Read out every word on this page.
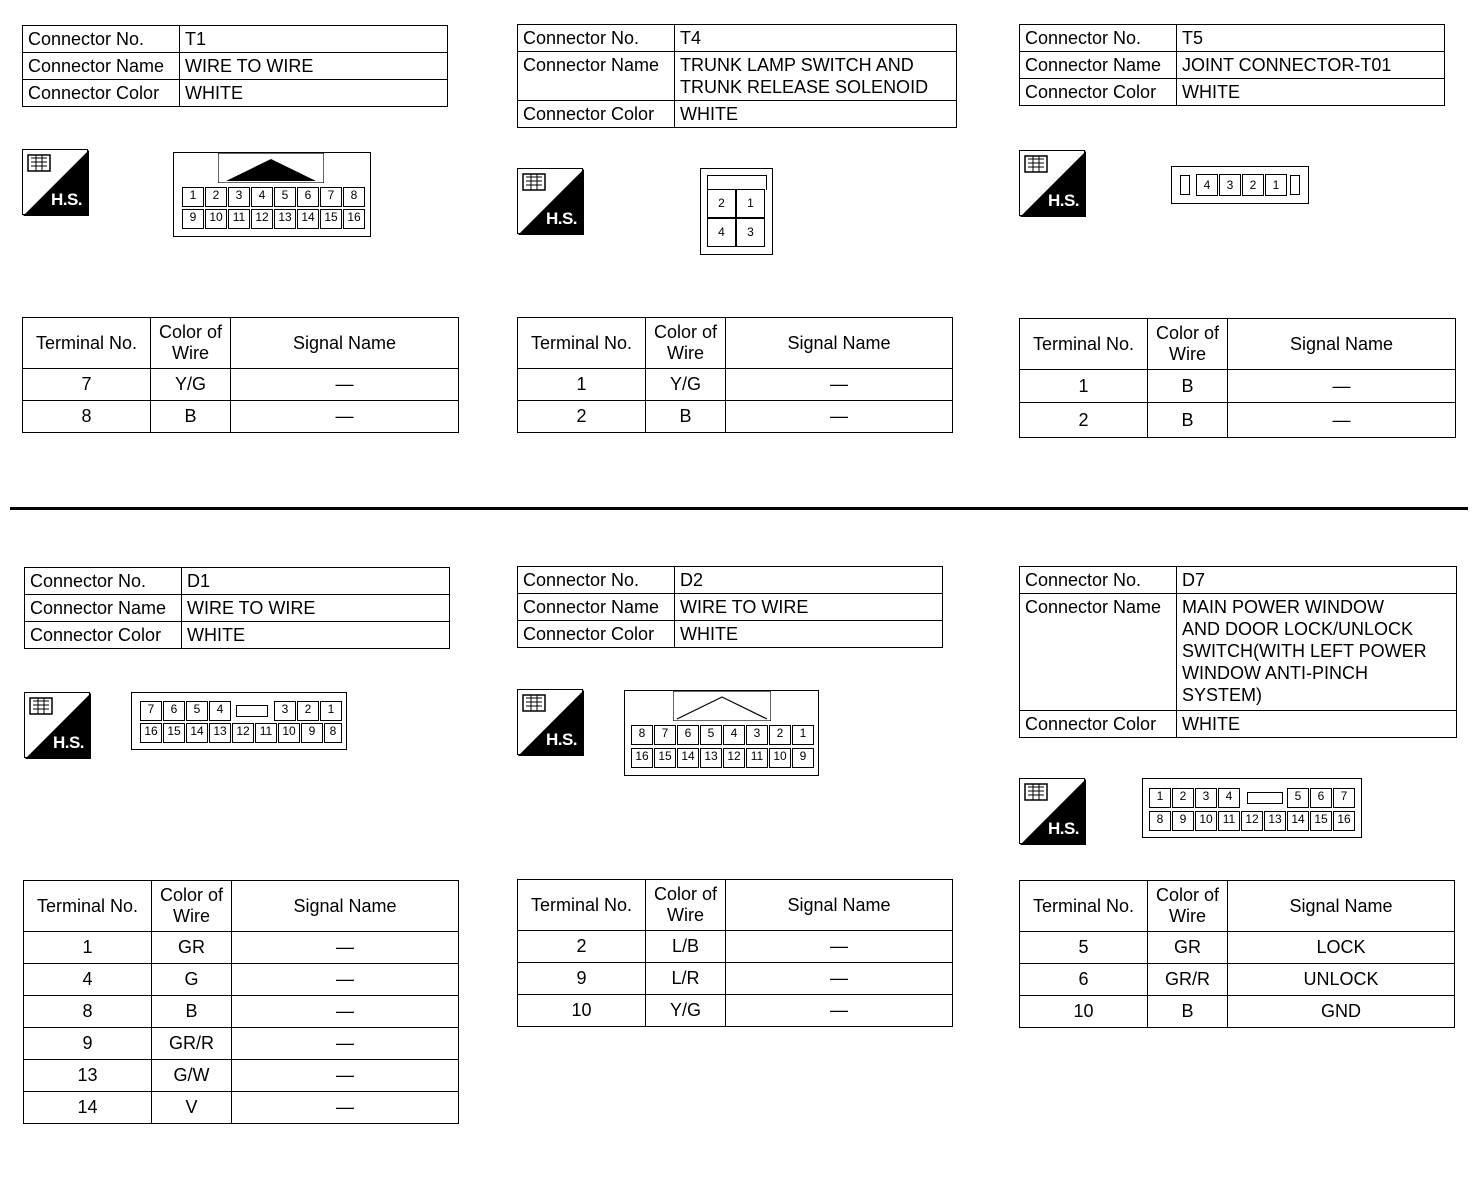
Connector No.	T1
Connector Name	WIRE TO WIRE
Connector Color	WHITE
H.S.	1	2	3	4	5	6	7	8
9	10 11 12 13 14 15 16
Terminal No.	Color of Wire	Signal Name
7	Y/G	—
8	B	—
Connector No.	T4
Connector Name	TRUNK LAMP SWITCH AND
TRUNK RELEASE SOLENOID
Connector Color	WHITE
H.S.
2	1
4	3
Terminal No.	Color of Wire	Signal Name
1	Y/G	—
2	B	—
Connector No.	T5
Connector Name	JOINT CONNECTOR-T01
Connector Color	WHITE
H.S.
4	3	2	1
Terminal No.	Color of Wire	Signal Name
1	B	—
2	B	—
Connector No.	D1
Connector Name	WIRE TO WIRE
Connector Color	WHITE
H.S.
7	6	5	4	3	2	1
16 15 14 13 12 11 10	9	8
Terminal No.	Color of Wire	Signal Name
1	GR	—
4	G	—
8	B	—
9	GR/R	—
13	G/W	—
14	V	—
Connector No.	D2
Connector Name	WIRE TO WIRE
Connector Color	WHITE
H.S.	8	7	6	5	4	3	2	1
16 15 14 13 12 11 10	9
Terminal No.	Color of Wire	Signal Name
2	L/B	—
9	L/R	—
10	Y/G	—
Connector No.	D7
Connector Name	MAIN POWER WINDOW
AND DOOR LOCK/UNLOCK
SWITCH(WITH LEFT POWER
WINDOW ANTI-PINCH
SYSTEM)
Connector Color	WHITE
H.S.
1	2	3	4	5	6	7
8	9	10 11 12 13 14 15 16
Terminal No.	Color of Wire	Signal Name
5	GR	LOCK
6	GR/R	UNLOCK
10	B	GND
